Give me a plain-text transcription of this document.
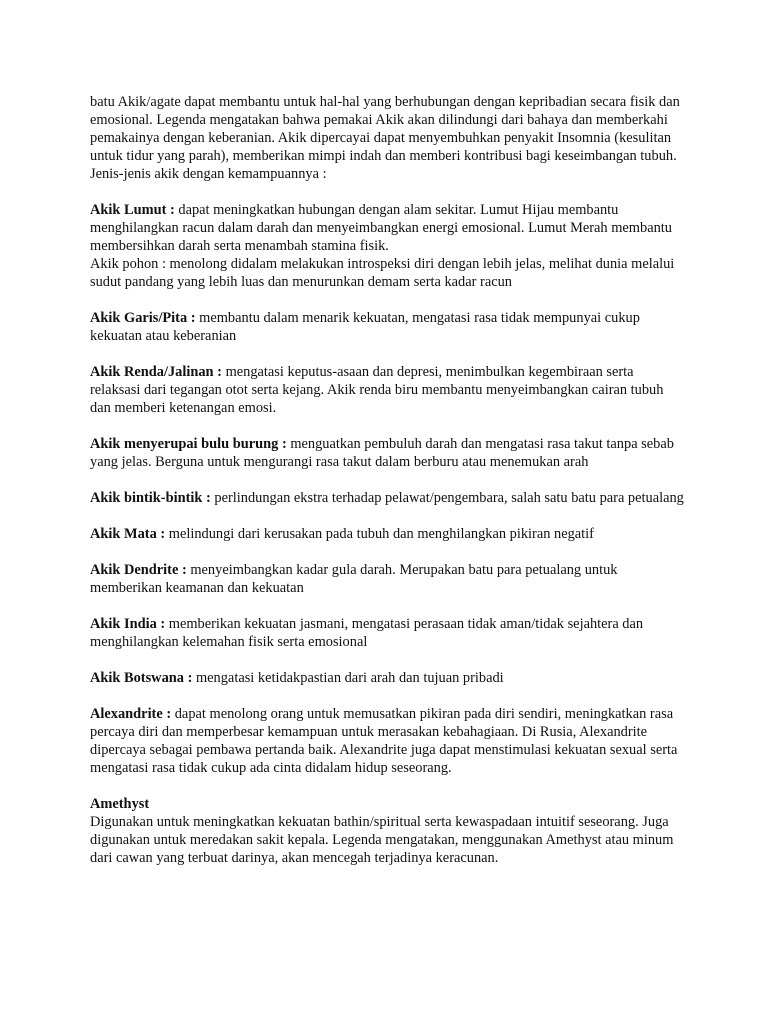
batu Akik/agate dapat membantu untuk hal-hal yang berhubungan dengan kepribadian secara fisik dan emosional. Legenda mengatakan bahwa pemakai Akik akan dilindungi dari bahaya dan memberkahi pemakainya dengan keberanian. Akik dipercayai dapat menyembuhkan penyakit Insomnia (kesulitan untuk tidur yang parah), memberikan mimpi indah dan memberi kontribusi bagi keseimbangan tubuh. Jenis-jenis akik dengan kemampuannya :

Akik Lumut : dapat meningkatkan hubungan dengan alam sekitar. Lumut Hijau membantu menghilangkan racun dalam darah dan menyeimbangkan energi emosional. Lumut Merah membantu membersihkan darah serta menambah stamina fisik.
Akik pohon : menolong didalam melakukan introspeksi diri dengan lebih jelas, melihat dunia melalui sudut pandang yang lebih luas dan menurunkan demam serta kadar racun

Akik Garis/Pita : membantu dalam menarik kekuatan, mengatasi rasa tidak mempunyai cukup kekuatan atau keberanian

Akik Renda/Jalinan : mengatasi keputus-asaan dan depresi, menimbulkan kegembiraan serta relaksasi dari tegangan otot serta kejang. Akik renda biru membantu menyeimbangkan cairan tubuh dan memberi ketenangan emosi.

Akik menyerupai bulu burung : menguatkan pembuluh darah dan mengatasi rasa takut tanpa sebab yang jelas. Berguna untuk mengurangi rasa takut dalam berburu atau menemukan arah

Akik bintik-bintik : perlindungan ekstra terhadap pelawat/pengembara, salah satu batu para petualang

Akik Mata : melindungi dari kerusakan pada tubuh dan menghilangkan pikiran negatif

Akik Dendrite : menyeimbangkan kadar gula darah. Merupakan batu para petualang untuk memberikan keamanan dan kekuatan

Akik India : memberikan kekuatan jasmani, mengatasi perasaan tidak aman/tidak sejahtera dan menghilangkan kelemahan fisik serta emosional

Akik Botswana : mengatasi ketidakpastian dari arah dan tujuan pribadi

Alexandrite : dapat menolong orang untuk memusatkan pikiran pada diri sendiri, meningkatkan rasa percaya diri dan memperbesar kemampuan untuk merasakan kebahagiaan. Di Rusia, Alexandrite dipercaya sebagai pembawa pertanda baik. Alexandrite juga dapat menstimulasi kekuatan sexual serta mengatasi rasa tidak cukup ada cinta didalam hidup seseorang.

Amethyst
Digunakan untuk meningkatkan kekuatan bathin/spiritual serta kewaspadaan intuitif seseorang. Juga digunakan untuk meredakan sakit kepala. Legenda mengatakan, menggunakan Amethyst atau minum dari cawan yang terbuat darinya, akan mencegah terjadinya keracunan.
